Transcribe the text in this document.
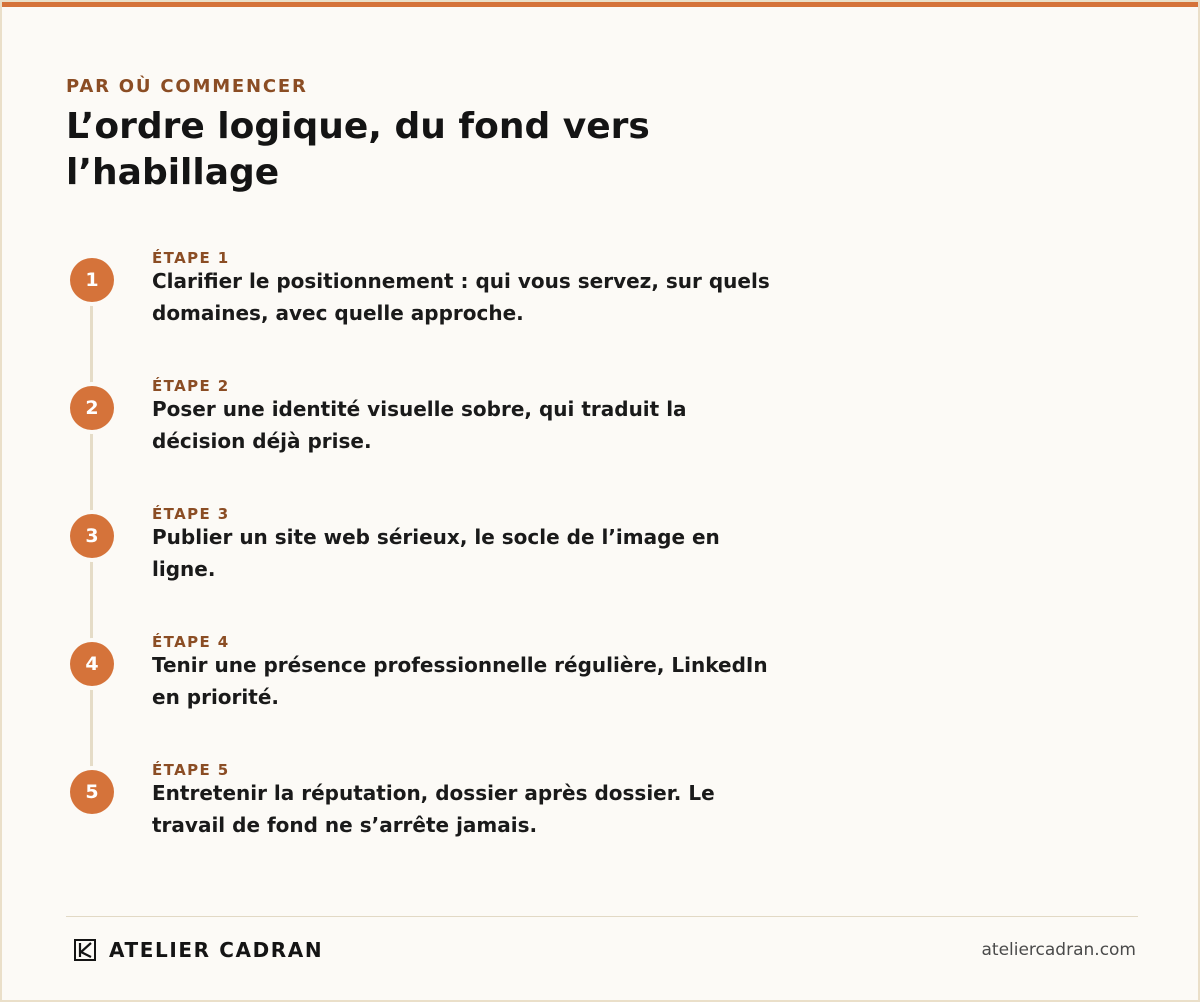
PAR OÙ COMMENCER
L’ordre logique, du fond vers l’habillage
1
ÉTAPE 1

Clarifier le positionnement : qui vous servez, sur quels domaines, avec quelle approche.

2
ÉTAPE 2

Poser une identité visuelle sobre, qui traduit la décision déjà prise.

3
ÉTAPE 3

Publier un site web sérieux, le socle de l’image en ligne.

4
ÉTAPE 4

Tenir une présence professionnelle régulière, LinkedIn en priorité.

5
ÉTAPE 5

Entretenir la réputation, dossier après dossier. Le travail de fond ne s’arrête jamais.

ATELIER CADRAN	ateliercadran.com
